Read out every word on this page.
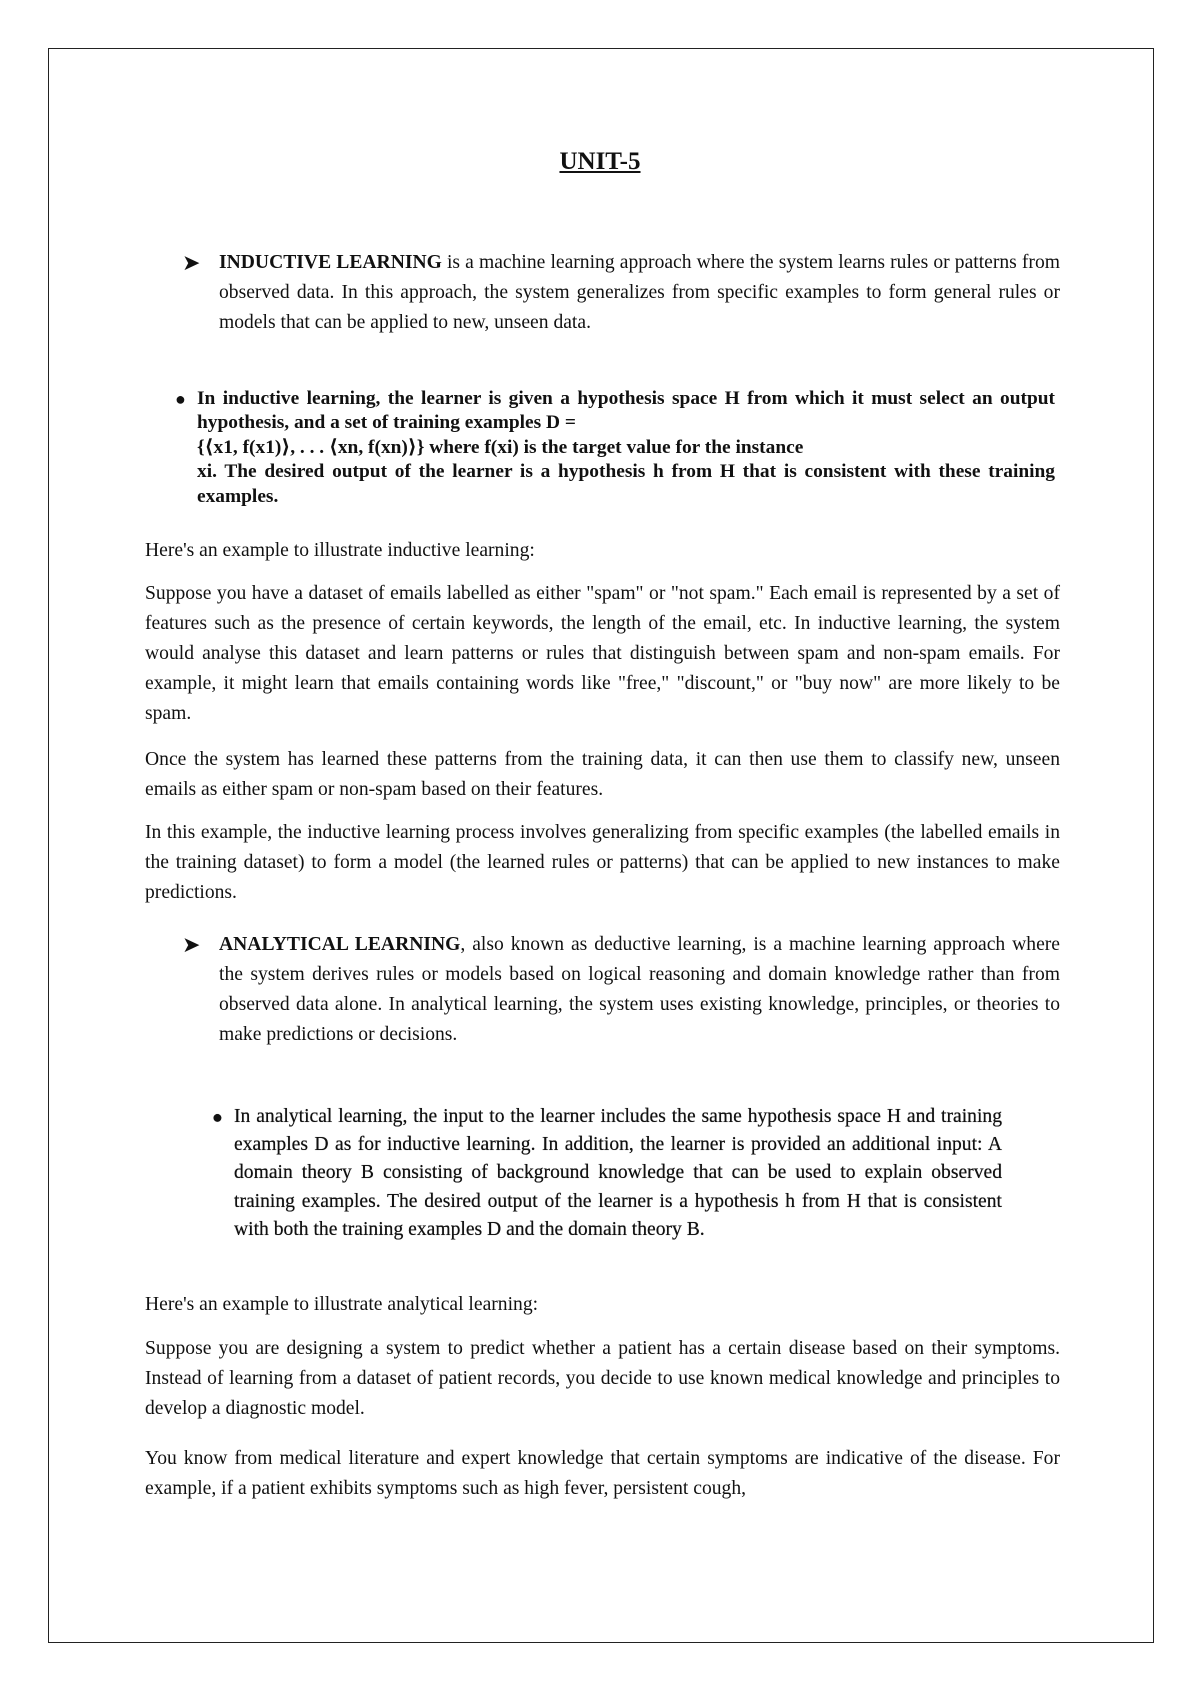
UNIT-5
➤ INDUCTIVE LEARNING is a machine learning approach where the system learns rules or patterns from observed data. In this approach, the system generalizes from specific examples to form general rules or models that can be applied to new, unseen data.
● In inductive learning, the learner is given a hypothesis space H from which it must select an output hypothesis, and a set of training examples D =
{⟨x1, f(x1)⟩, . . . ⟨xn, f(xn)⟩} where f(xi) is the target value for the instance
xi. The desired output of the learner is a hypothesis h from H that is consistent with these training examples.
Here's an example to illustrate inductive learning:
Suppose you have a dataset of emails labelled as either "spam" or "not spam." Each email is represented by a set of features such as the presence of certain keywords, the length of the email, etc. In inductive learning, the system would analyse this dataset and learn patterns or rules that distinguish between spam and non-spam emails. For example, it might learn that emails containing words like "free," "discount," or "buy now" are more likely to be spam.
Once the system has learned these patterns from the training data, it can then use them to classify new, unseen emails as either spam or non-spam based on their features.
In this example, the inductive learning process involves generalizing from specific examples (the labelled emails in the training dataset) to form a model (the learned rules or patterns) that can be applied to new instances to make predictions.
➤ ANALYTICAL LEARNING, also known as deductive learning, is a machine learning approach where the system derives rules or models based on logical reasoning and domain knowledge rather than from observed data alone. In analytical learning, the system uses existing knowledge, principles, or theories to make predictions or decisions.
● In analytical learning, the input to the learner includes the same hypothesis space H and training examples D as for inductive learning. In addition, the learner is provided an additional input: A domain theory B consisting of background knowledge that can be used to explain observed training examples. The desired output of the learner is a hypothesis h from H that is consistent with both the training examples D and the domain theory B.
Here's an example to illustrate analytical learning:
Suppose you are designing a system to predict whether a patient has a certain disease based on their symptoms. Instead of learning from a dataset of patient records, you decide to use known medical knowledge and principles to develop a diagnostic model.
You know from medical literature and expert knowledge that certain symptoms are indicative of the disease. For example, if a patient exhibits symptoms such as high fever, persistent cough,
